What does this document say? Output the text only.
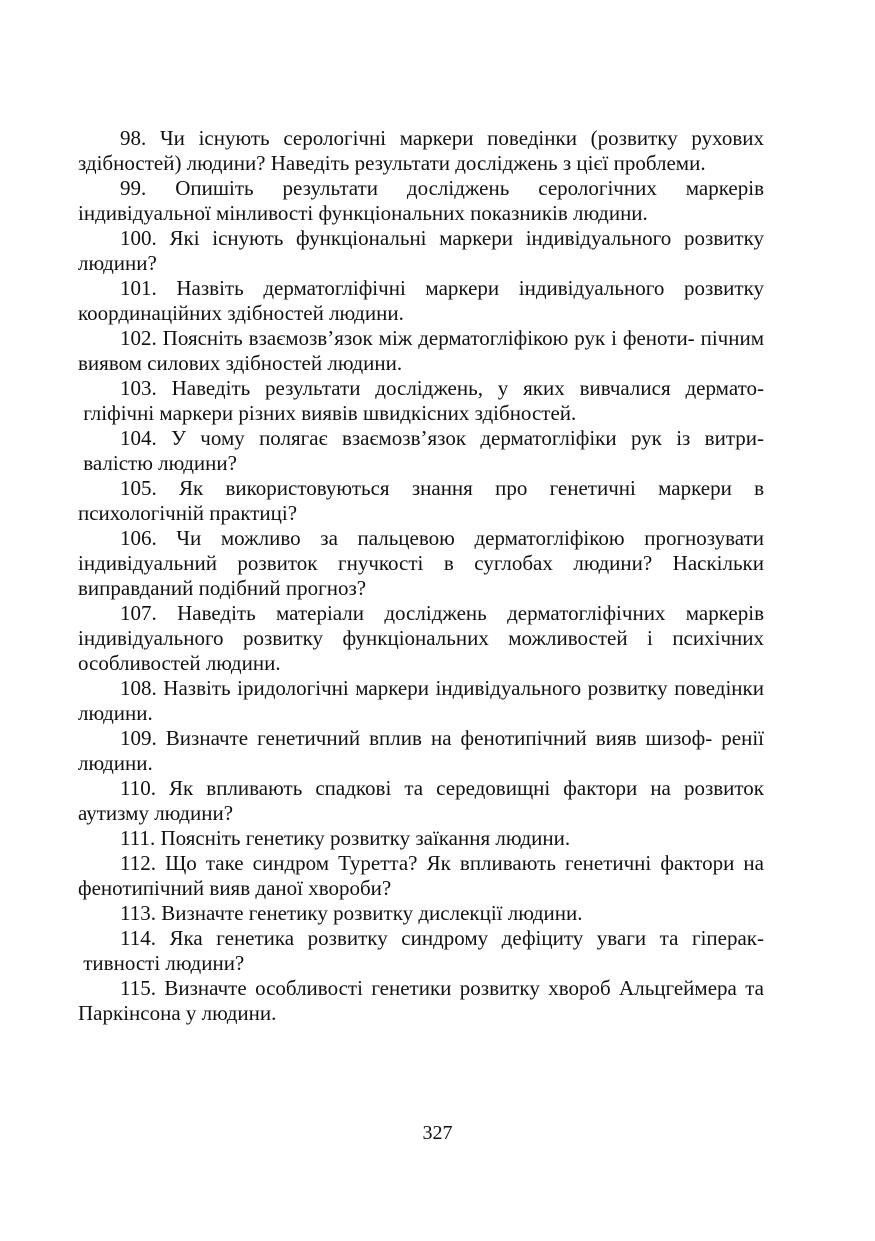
98. Чи існують серологічні маркери поведінки (розвитку рухових здібностей) людини? Наведіть результати досліджень з цієї проблеми.

99. Опишіть результати досліджень серологічних маркерів індивідуальної мінливості функціональних показників людини.

100. Які існують функціональні маркери індивідуального розвитку людини?

101. Назвіть дерматогліфічні маркери індивідуального розвитку координаційних здібностей людини.

102. Поясніть взаємозв’язок між дерматогліфікою рук і феноти- пічним виявом силових здібностей людини.

103. Наведіть результати досліджень, у яких вивчалися дермато- гліфічні маркери різних виявів швидкісних здібностей.

104. У чому полягає взаємозв’язок дерматогліфіки рук із витри- валістю людини?

105. Як використовуються знання про генетичні маркери в психологічній практиці?

106. Чи можливо за пальцевою дерматогліфікою прогнозувати індивідуальний розвиток гнучкості в суглобах людини? Наскільки виправданий подібний прогноз?

107. Наведіть матеріали досліджень дерматогліфічних маркерів індивідуального розвитку функціональних можливостей і психічних особливостей людини.

108. Назвіть іридологічні маркери індивідуального розвитку поведінки людини.

109. Визначте генетичний вплив на фенотипічний вияв шизоф- ренії людини.

110. Як впливають спадкові та середовищні фактори на розвиток аутизму людини?

111. Поясніть генетику розвитку заїкання людини.

112. Що таке синдром Туретта? Як впливають генетичні фактори на фенотипічний вияв даної хвороби?

113. Визначте генетику розвитку дислекції людини.

114. Яка генетика розвитку синдрому дефіциту уваги та гіперак- тивності людини?

115. Визначте особливості генетики розвитку хвороб Альцгеймера та Паркінсона у людини.

327
